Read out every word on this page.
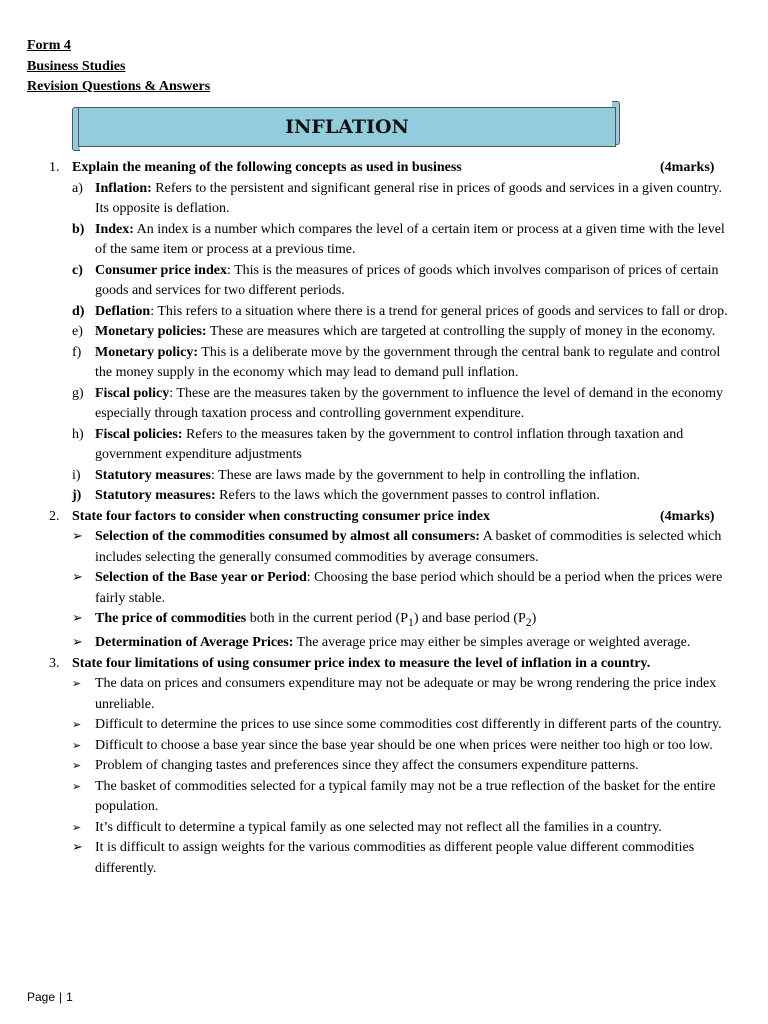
Form 4
Business Studies
Revision Questions & Answers
INFLATION
1. Explain the meaning of the following concepts as used in business	(4marks)
a) Inflation: Refers to the persistent and significant general rise in prices of goods and services in a given country. Its opposite is deflation.
b) Index: An index is a number which compares the level of a certain item or process at a given time with the level of the same item or process at a previous time.
c) Consumer price index: This is the measures of prices of goods which involves comparison of prices of certain goods and services for two different periods.
d) Deflation: This refers to a situation where there is a trend for general prices of goods and services to fall or drop.
e) Monetary policies: These are measures which are targeted at controlling the supply of money in the economy.
f) Monetary policy: This is a deliberate move by the government through the central bank to regulate and control the money supply in the economy which may lead to demand pull inflation.
g) Fiscal policy: These are the measures taken by the government to influence the level of demand in the economy especially through taxation process and controlling government expenditure.
h) Fiscal policies: Refers to the measures taken by the government to control inflation through taxation and government expenditure adjustments
i) Statutory measures: These are laws made by the government to help in controlling the inflation.
j) Statutory measures: Refers to the laws which the government passes to control inflation.
2. State four factors to consider when constructing consumer price index	(4marks)
➢ Selection of the commodities consumed by almost all consumers: A basket of commodities is selected which includes selecting the generally consumed commodities by average consumers.
➢ Selection of the Base year or Period: Choosing the base period which should be a period when the prices were fairly stable.
➢ The price of commodities both in the current period $(P_1)$ and base period $(P_2)$
➢ Determination of Average Prices: The average price may either be simples average or weighted average.
3. State four limitations of using consumer price index to measure the level of inflation in a country.
➢ The data on prices and consumers expenditure may not be adequate or may be wrong rendering the price index unreliable.
➢ Difficult to determine the prices to use since some commodities cost differently in different parts of the country.
➢ Difficult to choose a base year since the base year should be one when prices were neither too high or too low.
➢ Problem of changing tastes and preferences since they affect the consumers expenditure patterns.
➢ The basket of commodities selected for a typical family may not be a true reflection of the basket for the entire population.
➢ It’s difficult to determine a typical family as one selected may not reflect all the families in a country.
➢ It is difficult to assign weights for the various commodities as different people value different commodities differently.
Page | 1
